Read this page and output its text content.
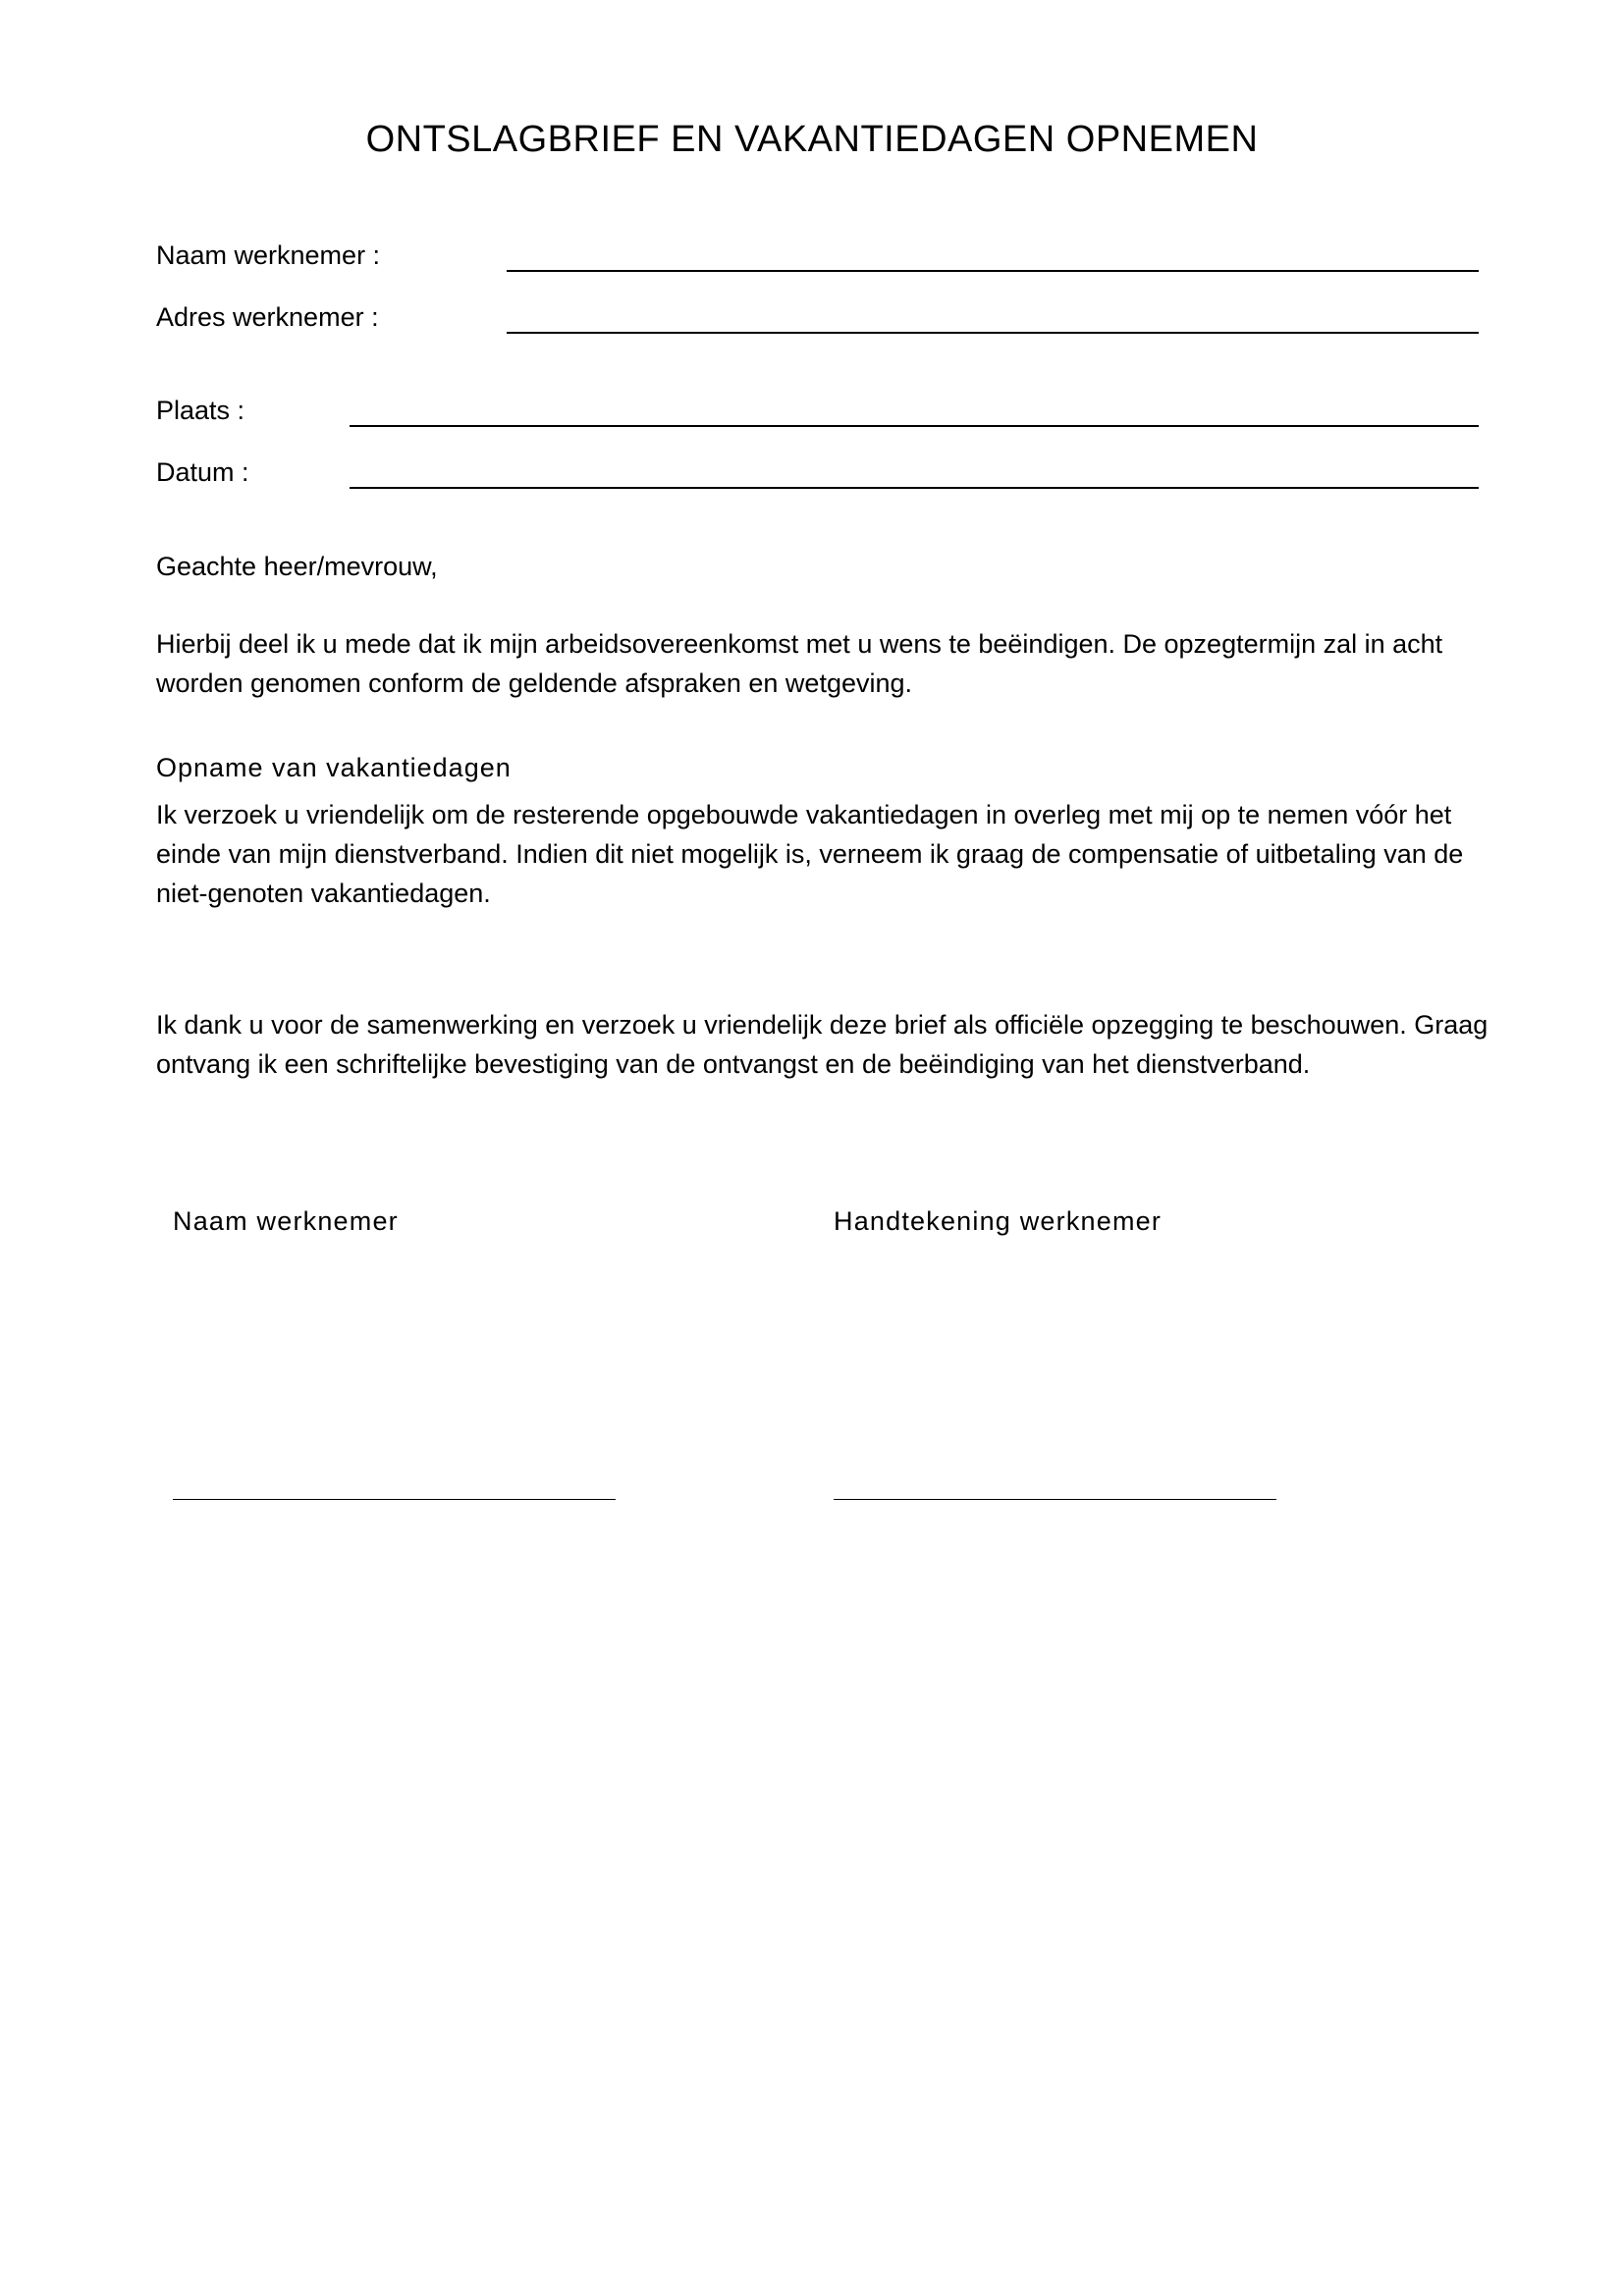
ONTSLAGBRIEF EN VAKANTIEDAGEN OPNEMEN
Naam werknemer :
Adres werknemer :
Plaats :
Datum :
Geachte heer/mevrouw,
Hierbij deel ik u mede dat ik mijn arbeidsovereenkomst met u wens te beëindigen. De opzegtermijn zal in acht worden genomen conform de geldende afspraken en wetgeving.
Opname van vakantiedagen
Ik verzoek u vriendelijk om de resterende opgebouwde vakantiedagen in overleg met mij op te nemen vóór het einde van mijn dienstverband. Indien dit niet mogelijk is, verneem ik graag de compensatie of uitbetaling van de niet-genoten vakantiedagen.
Ik dank u voor de samenwerking en verzoek u vriendelijk deze brief als officiële opzegging te beschouwen. Graag ontvang ik een schriftelijke bevestiging van de ontvangst en de beëindiging van het dienstverband.
Naam werknemer	Handtekening werknemer
